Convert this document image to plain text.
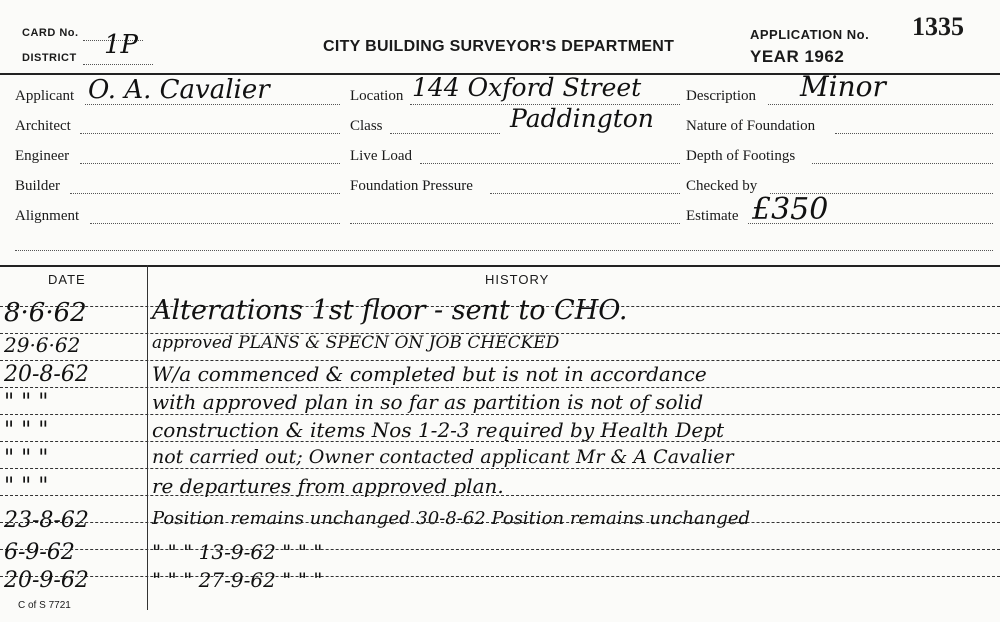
CARD No.
DISTRICT 1P	CITY BUILDING SURVEYOR'S DEPARTMENT
APPLICATION No. 1335
YEAR 1962
Applicant O. A. Cavalier
Architect
Engineer
Builder
Alignment
Location 144 Oxford Street
Paddington
Class
Live Load
Foundation Pressure
Description Minor
Nature of Foundation
Depth of Footings
Checked by
Estimate £350
DATE	HISTORY
8·6·62	Alterations 1st floor - sent to CHO.
29·6·62	approved PLANS & SPECN ON JOB CHECKED
20-8-62	W/a commenced & completed but is not in accordance
" " "	with approved plan in so far as partition is not of solid
" " "	construction & items Nos 1-2-3 required by Health Dept
" " "	not carried out; Owner contacted applicant Mr & A Cavalier
" " "	re departures from approved plan.
23-8-62	Position remains unchanged 30-8-62 Position remains unchanged
6-9-62	" " " 13-9-62 " " "
20-9-62	" " " 27-9-62 " " "
C of S 7721
